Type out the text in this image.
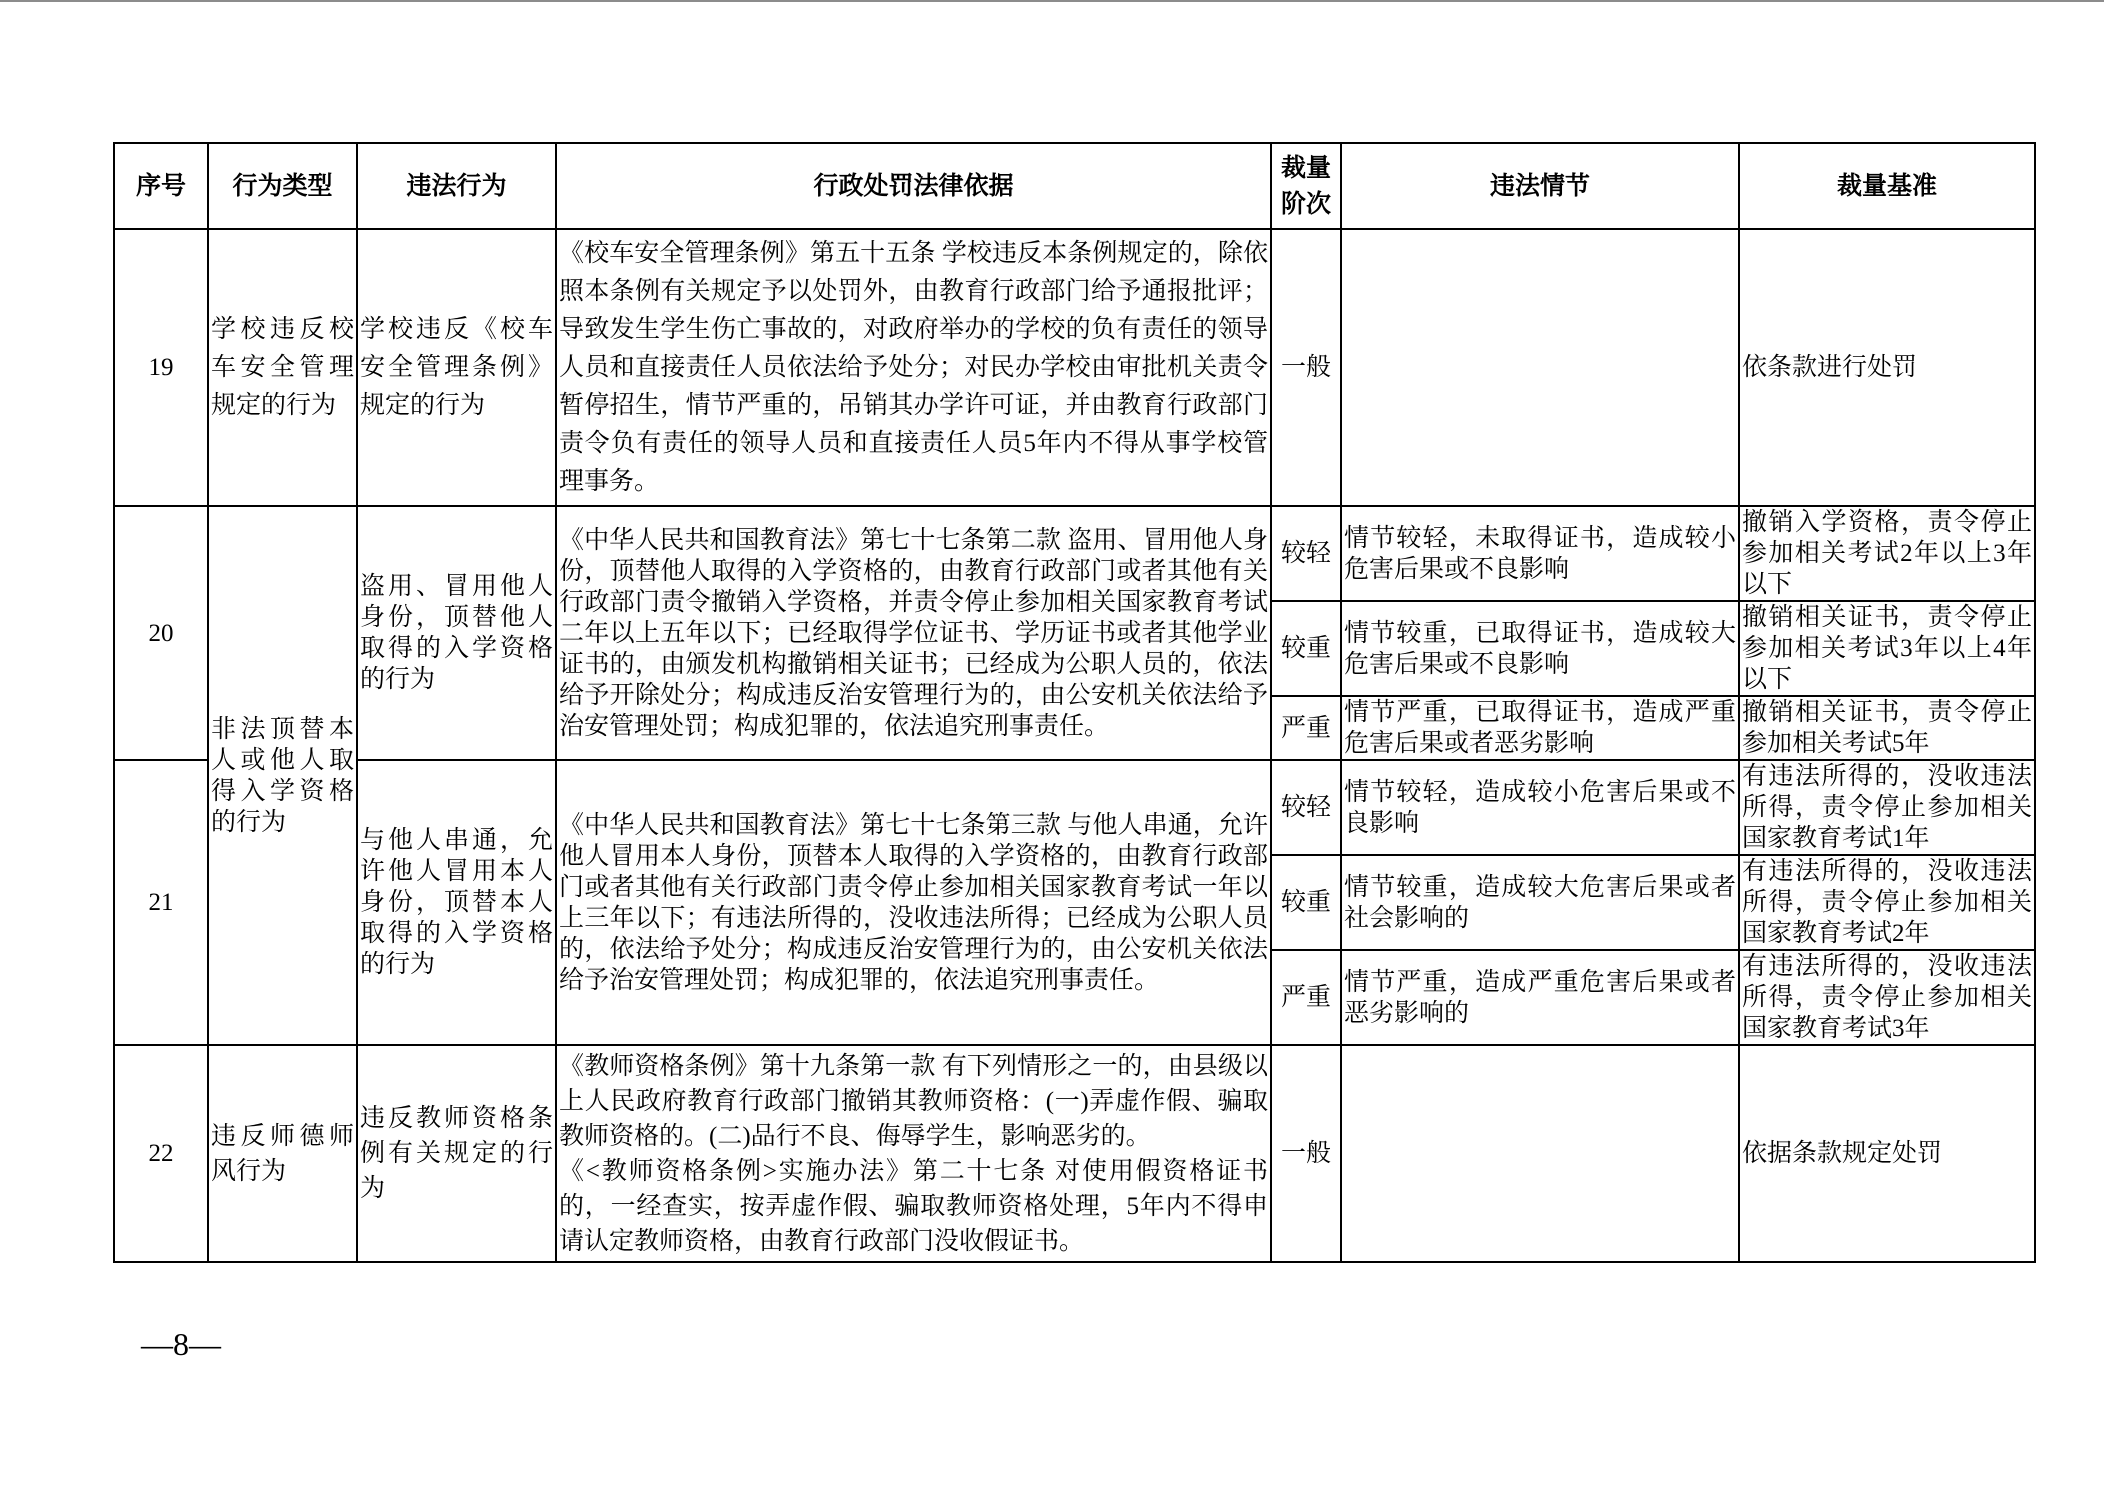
序号	行为类型	违法行为	行政处罚法律依据	裁量阶次	违法情节	裁量基准
19	学校违反校车安全管理规定的行为	学校违反《校车安全管理条例》规定的行为	《校车安全管理条例》第五十五条 学校违反本条例规定的，除依照本条例有关规定予以处罚外，由教育行政部门给予通报批评；导致发生学生伤亡事故的，对政府举办的学校的负有责任的领导人员和直接责任人员依法给予处分；对民办学校由审批机关责令暂停招生，情节严重的，吊销其办学许可证，并由教育行政部门责令负有责任的领导人员和直接责任人员5年内不得从事学校管理事务。	一般		依条款进行处罚
20	非法顶替本人或他人取得入学资格的行为	盗用、冒用他人身份，顶替他人取得的入学资格的行为	《中华人民共和国教育法》第七十七条第二款 盗用、冒用他人身份，顶替他人取得的入学资格的，由教育行政部门或者其他有关行政部门责令撤销入学资格，并责令停止参加相关国家教育考试二年以上五年以下；已经取得学位证书、学历证书或者其他学业证书的，由颁发机构撤销相关证书；已经成为公职人员的，依法给予开除处分；构成违反治安管理行为的，由公安机关依法给予治安管理处罚；构成犯罪的，依法追究刑事责任。	较轻	情节较轻，未取得证书，造成较小危害后果或不良影响	撤销入学资格，责令停止参加相关考试2年以上3年以下
				较重	情节较重，已取得证书，造成较大危害后果或不良影响	撤销相关证书，责令停止参加相关考试3年以上4年以下
				严重	情节严重，已取得证书，造成严重危害后果或者恶劣影响	撤销相关证书，责令停止参加相关考试5年
21		与他人串通，允许他人冒用本人身份，顶替本人取得的入学资格的行为	《中华人民共和国教育法》第七十七条第三款 与他人串通，允许他人冒用本人身份，顶替本人取得的入学资格的，由教育行政部门或者其他有关行政部门责令停止参加相关国家教育考试一年以上三年以下；有违法所得的，没收违法所得；已经成为公职人员的，依法给予处分；构成违反治安管理行为的，由公安机关依法给予治安管理处罚；构成犯罪的，依法追究刑事责任。	较轻	情节较轻，造成较小危害后果或不良影响	有违法所得的，没收违法所得，责令停止参加相关国家教育考试1年
				较重	情节较重，造成较大危害后果或者社会影响的	有违法所得的，没收违法所得，责令停止参加相关国家教育考试2年
				严重	情节严重，造成严重危害后果或者恶劣影响的	有违法所得的，没收违法所得，责令停止参加相关国家教育考试3年
22	违反师德师风行为	违反教师资格条例有关规定的行为	《教师资格条例》第十九条第一款 有下列情形之一的，由县级以上人民政府教育行政部门撤销其教师资格：(一)弄虚作假、骗取教师资格的。(二)品行不良、侮辱学生，影响恶劣的。
《<教师资格条例>实施办法》第二十七条 对使用假资格证书的，一经查实，按弄虚作假、骗取教师资格处理，5年内不得申请认定教师资格，由教育行政部门没收假证书。	一般		依据条款规定处罚
—8—
